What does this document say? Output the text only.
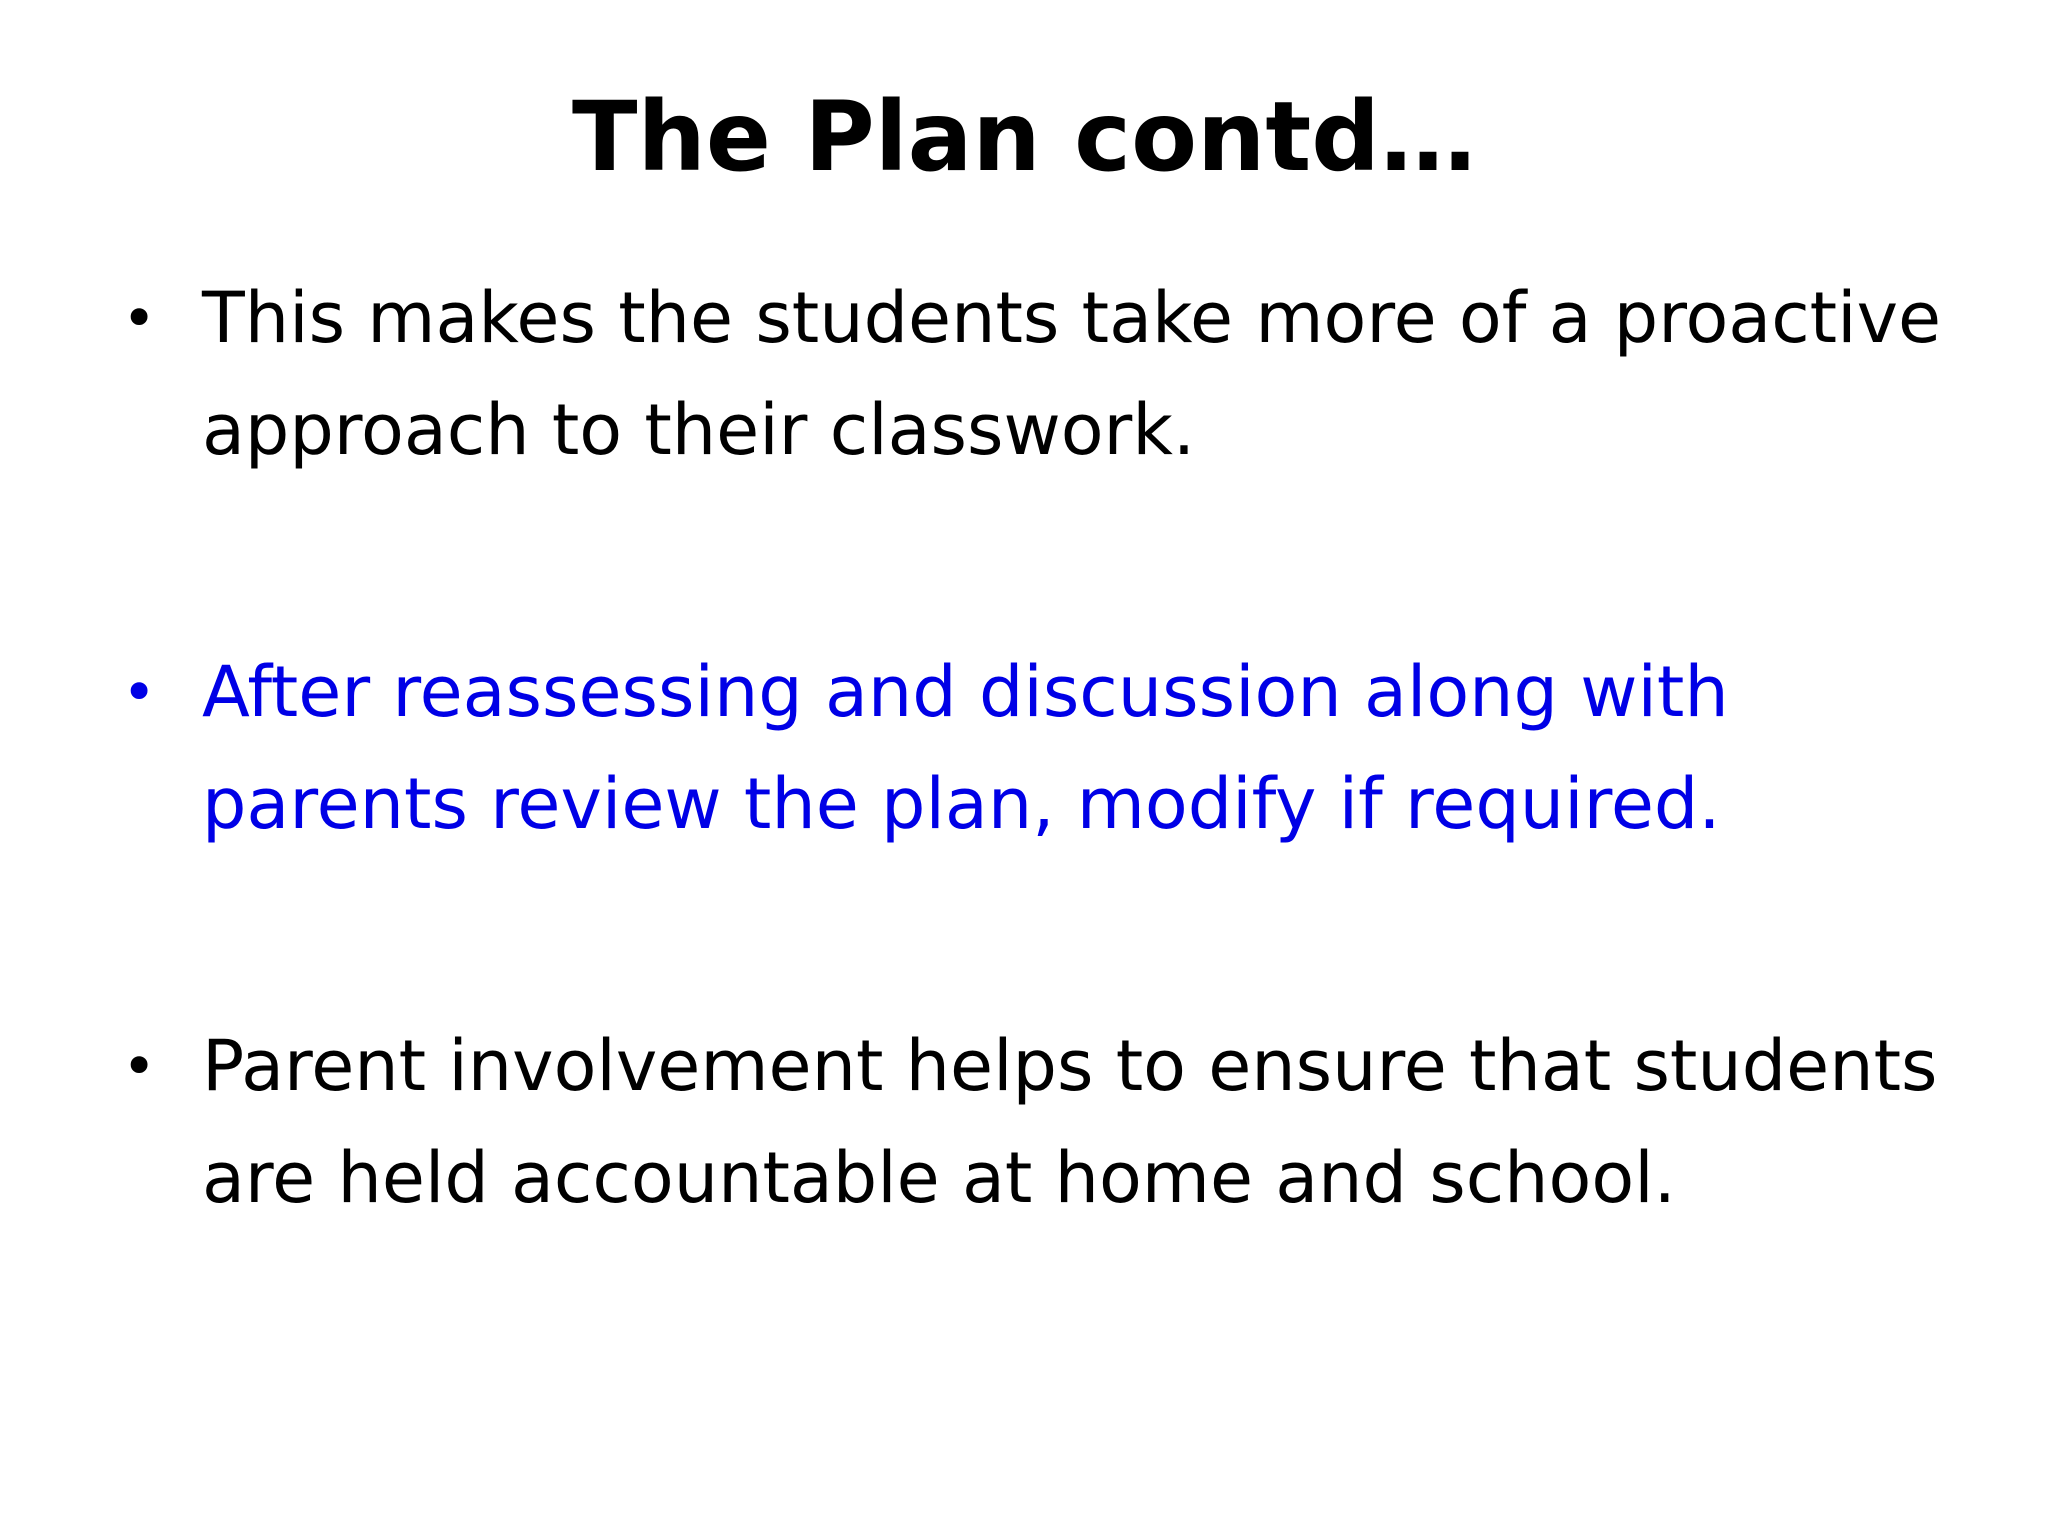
The Plan contd…
• This makes the students take more of a proactive approach to their classwork.
• After reassessing and discussion along with parents review the plan, modify if required.
• Parent involvement helps to ensure that students are held accountable at home and school.
